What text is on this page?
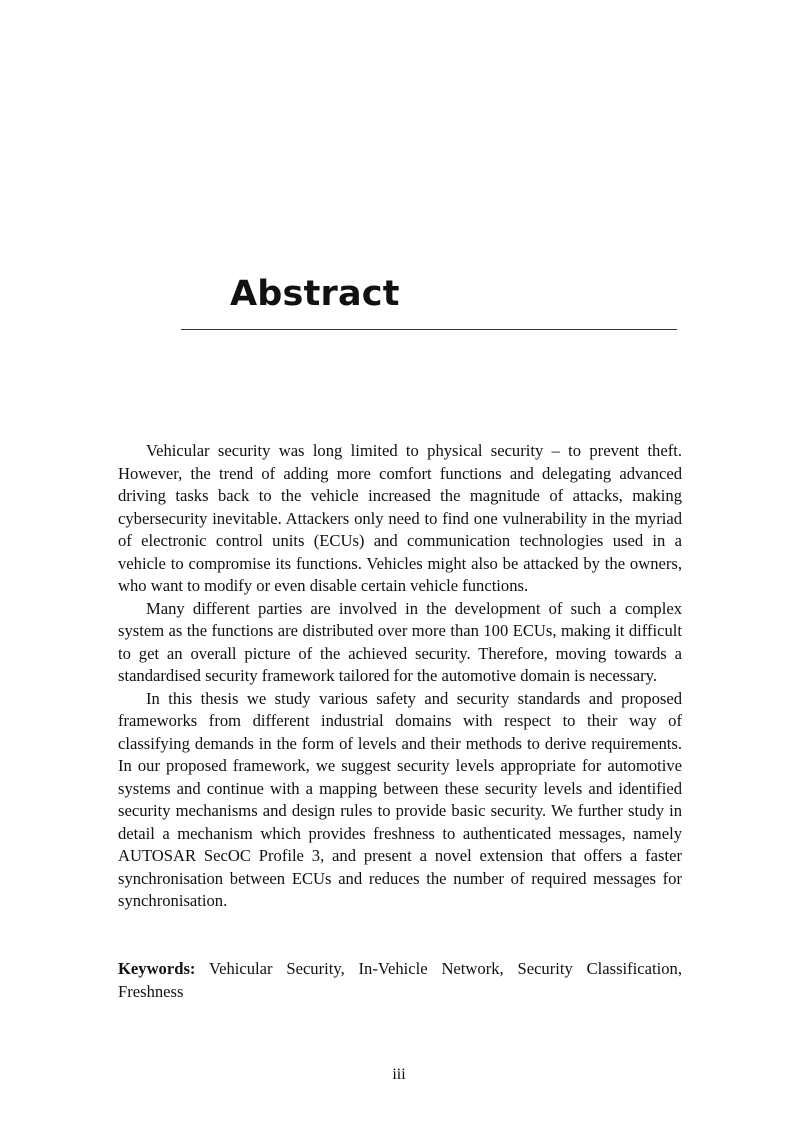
Abstract

Vehicular security was long limited to physical security – to prevent theft. However, the trend of adding more comfort functions and delegating advanced driving tasks back to the vehicle increased the magnitude of attacks, making cybersecurity inevitable. Attackers only need to find one vulnerability in the myriad of electronic control units (ECUs) and communication technologies used in a vehicle to compromise its functions. Vehicles might also be attacked by the owners, who want to modify or even disable certain vehicle functions.

Many different parties are involved in the development of such a complex system as the functions are distributed over more than 100 ECUs, making it difficult to get an overall picture of the achieved security. Therefore, moving towards a standardised security framework tailored for the automotive domain is necessary.

In this thesis we study various safety and security standards and proposed frameworks from different industrial domains with respect to their way of classifying demands in the form of levels and their methods to derive requirements. In our proposed framework, we suggest security levels appropriate for automotive systems and continue with a mapping between these security levels and identified security mechanisms and design rules to provide basic security. We further study in detail a mechanism which provides freshness to authenticated messages, namely AUTOSAR SecOC Profile 3, and present a novel extension that offers a faster synchronisation between ECUs and reduces the number of required messages for synchronisation.

Keywords: Vehicular Security, In-Vehicle Network, Security Classification, Freshness

iii
